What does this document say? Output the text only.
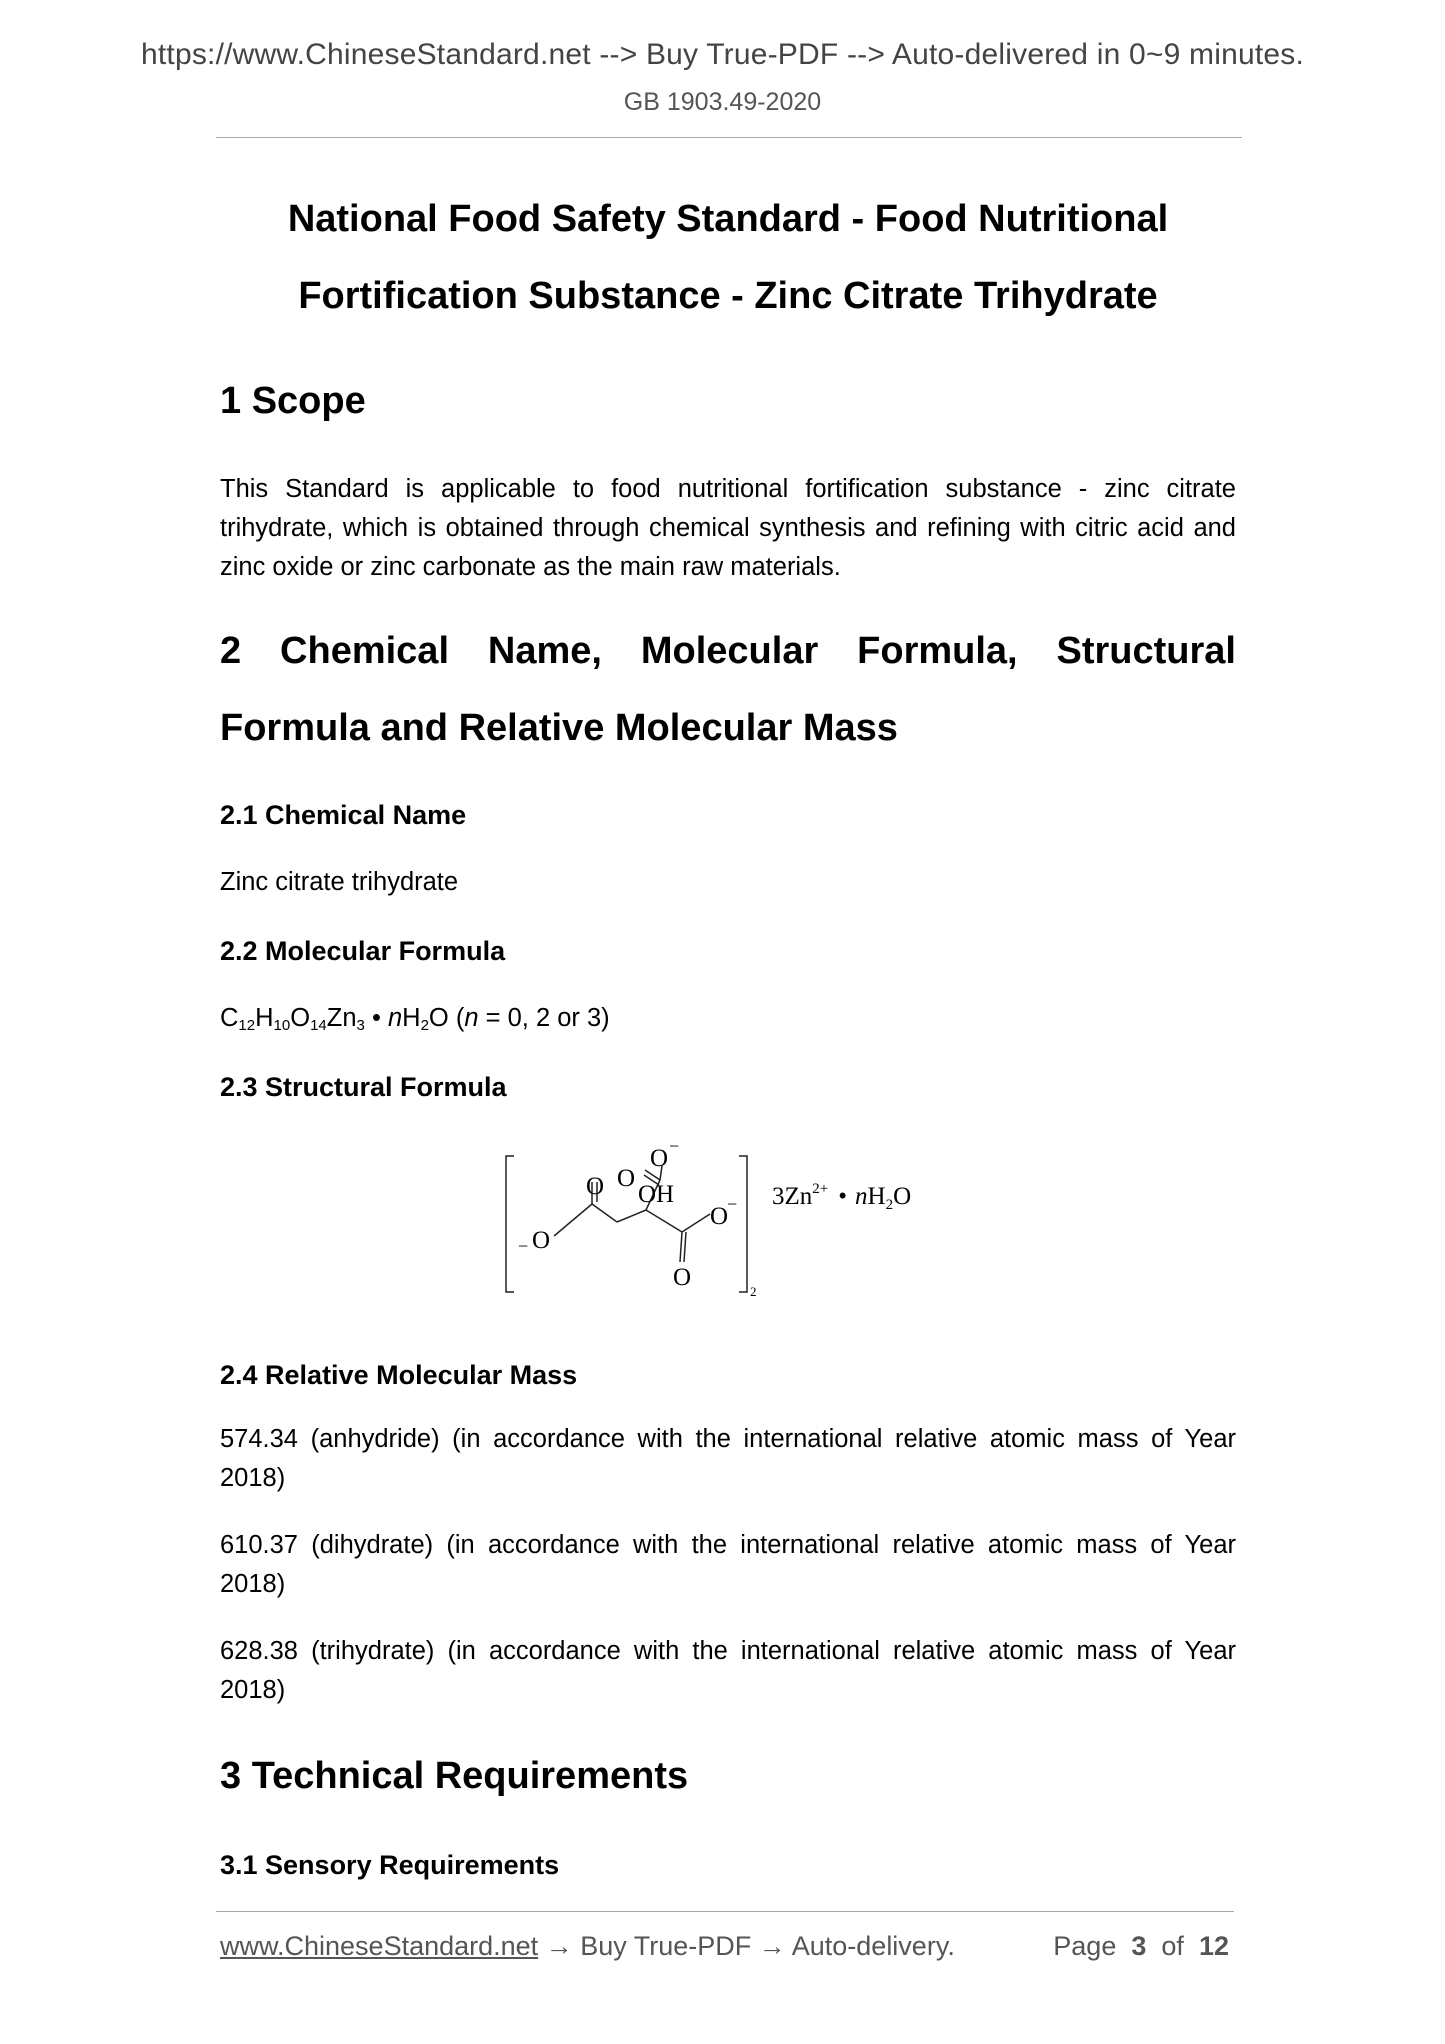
https://www.ChineseStandard.net --> Buy True-PDF --> Auto-delivered in 0~9 minutes.
GB 1903.49-2020
National Food Safety Standard - Food Nutritional
Fortification Substance - Zinc Citrate Trihydrate
1 Scope
This Standard is applicable to food nutritional fortification substance - zinc citrate trihydrate, which is obtained through chemical synthesis and refining with citric acid and zinc oxide or zinc carbonate as the main raw materials.
2 Chemical Name, Molecular Formula, Structural
Formula and Relative Molecular Mass
2.1 Chemical Name
Zinc citrate trihydrate
2.2 Molecular Formula
$C_{12}H_{10}O_{14}Zn_3$ • $nH_2O$ (n = 0, 2 or 3)
2.3 Structural Formula
2
O −
O
OH
O
− O
O
−
O
$3Zn^{2+}$ • $nH_2O$
2.4 Relative Molecular Mass
574.34 (anhydride) (in accordance with the international relative atomic mass of Year 2018)
610.37 (dihydrate) (in accordance with the international relative atomic mass of Year 2018)
628.38 (trihydrate) (in accordance with the international relative atomic mass of Year 2018)
3 Technical Requirements
3.1 Sensory Requirements
www.ChineseStandard.net → Buy True-PDF → Auto-delivery.	Page 3 of 12
